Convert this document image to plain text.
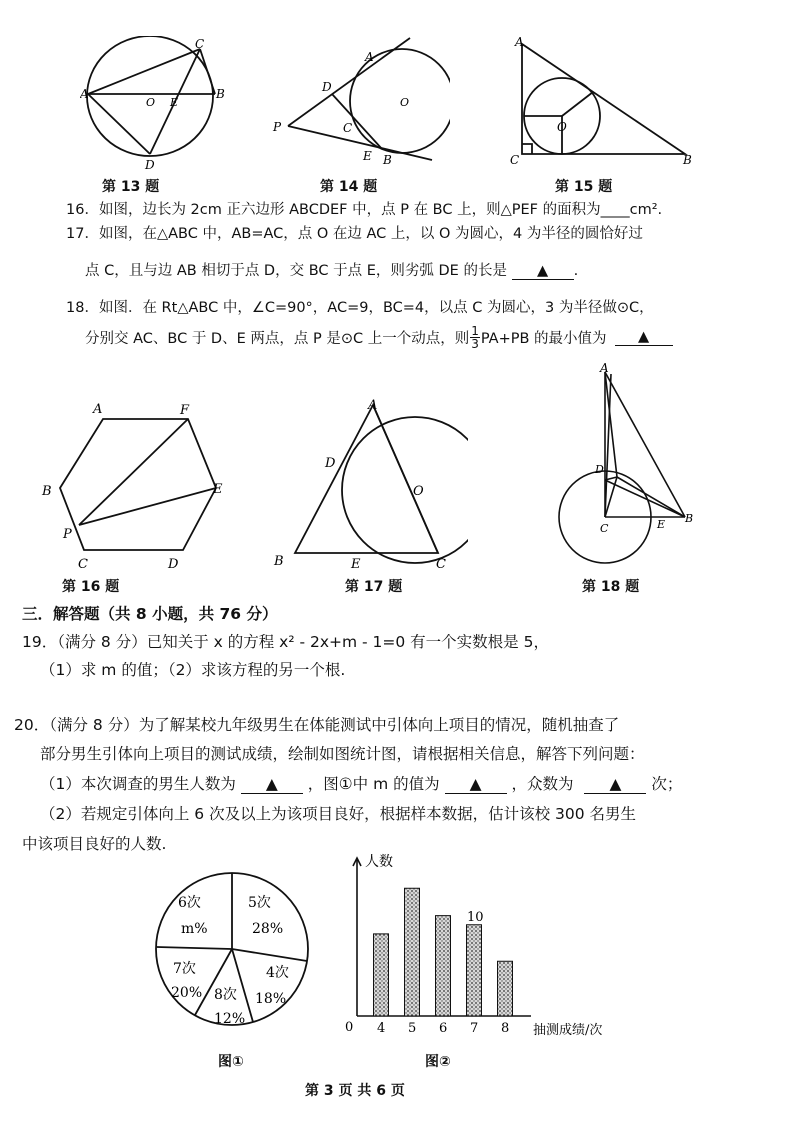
A	B
C
D
O E
第 13 题
P
D
A
C
E B
O
第 14 题
A
C	B
O
第 15 题
16．如图，边长为 2cm 正六边形 ABCDEF 中，点 P 在 BC 上，则△PEF 的面积为____cm².
17．如图，在△ABC 中，AB=AC，点 O 在边 AC 上，以 O 为圆心，4 为半径的圆恰好过
点 C，且与边 AB 相切于点 D，交 BC 于点 E，则劣弧 DE 的长是 ▲ .
18．如图．在 Rt△ABC 中，∠C=90°，AC=9，BC=4，以点 C 为圆心，3 为半径做⊙C，
分别交 AC、BC 于 D、E 两点，点 P 是⊙C 上一个动点，则 $\frac{1}{3} PA+PB$ 的最小值为	▲
A	F
B	E
P
C	D
第 16 题
A
D
O
B	E	C
第 17 题
A
D
C	E B
第 18 题
三．解答题（共 8 小题，共 76 分）
19．（满分 8 分）已知关于 x 的方程 x² - 2x+m - 1=0 有一个实数根是 5，
（1）求 m 的值；（2）求该方程的另一个根.
20．（满分 8 分）为了解某校九年级男生在体能测试中引体向上项目的情况，随机抽查了
部分男生引体向上项目的测试成绩，绘制如图统计图，请根据相关信息，解答下列问题：
（1）本次调查的男生人数为 ▲ ，图①中 m 的值为 ▲ ，众数为 ▲ 次；
（2）若规定引体向上 6 次及以上为该项目良好，根据样本数据，估计该校 300 名男生
中该项目良好的人数.
5次
28%
4次
18%
8次
12%
7次
20%
6次
m%
图①
4 5 6 7
10
8
人数
0	抽测成绩/次
图②
第 3 页 共 6 页
